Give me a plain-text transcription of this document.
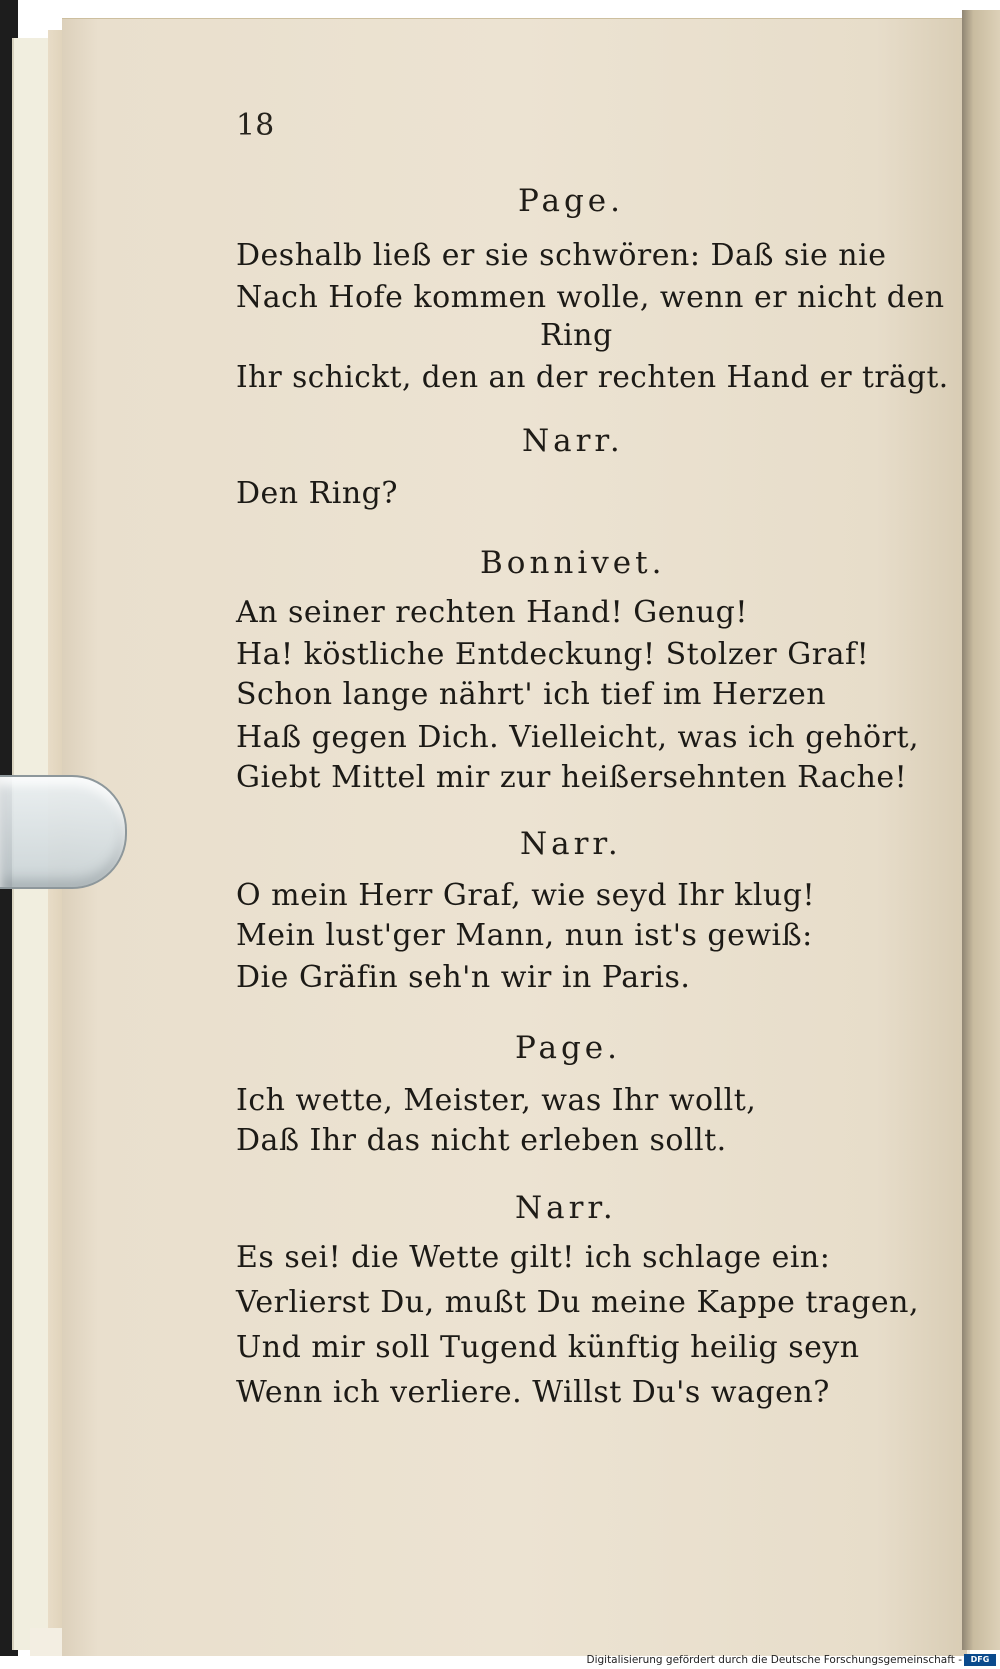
18
Page.
Deshalb ließ er sie schwören: Daß sie nie
Nach Hofe kommen wolle, wenn er nicht den
Ring
Ihr schickt, den an der rechten Hand er trägt.
Narr.
Den Ring?
Bonnivet.
An seiner rechten Hand! Genug!
Ha! köstliche Entdeckung! Stolzer Graf!
Schon lange nährt' ich tief im Herzen
Haß gegen Dich. Vielleicht, was ich gehört,
Giebt Mittel mir zur heißersehnten Rache!
Narr.
O mein Herr Graf, wie seyd Ihr klug!
Mein lust'ger Mann, nun ist's gewiß:
Die Gräfin seh'n wir in Paris.
Page.
Ich wette, Meister, was Ihr wollt,
Daß Ihr das nicht erleben sollt.
Narr.
Es sei! die Wette gilt! ich schlage ein:
Verlierst Du, mußt Du meine Kappe tragen,
Und mir soll Tugend künftig heilig seyn
Wenn ich verliere. Willst Du's wagen?
Digitalisierung gefördert durch die Deutsche Forschungsgemeinschaft -	DFG
